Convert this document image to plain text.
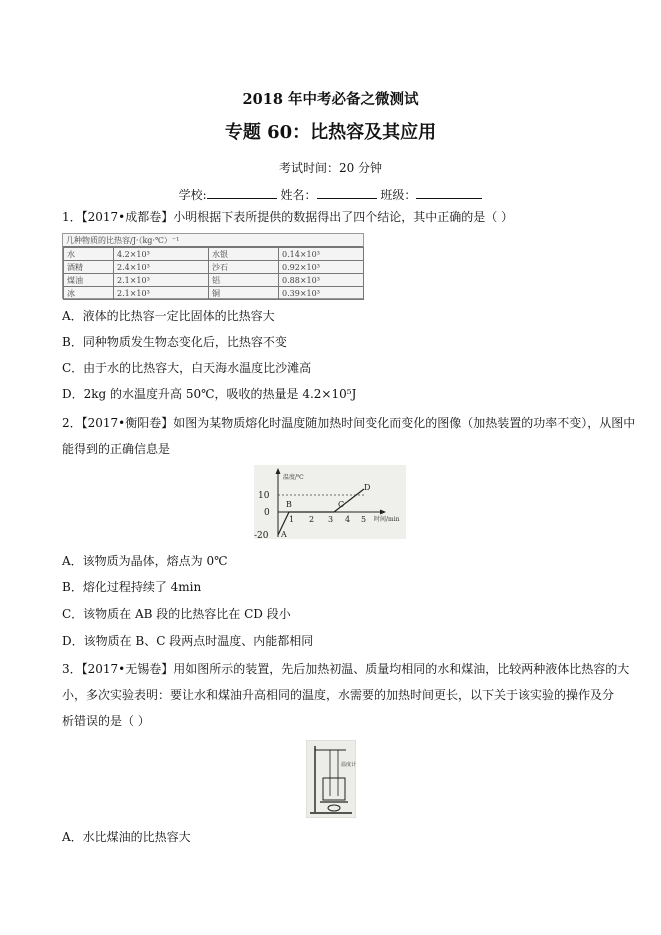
2018 年中考必备之微测试
专题 60：比热容及其应用
考试时间：20 分钟
学校:	姓名：	班级：
1．【2017•成都卷】小明根据下表所提供的数据得出了四个结论，其中正确的是（ ）
几种物质的比热容/J·（kg·℃）⁻¹
水	4.2×10³	水银	0.14×10³
酒精	2.4×10³	沙石	0.92×10³
煤油	2.1×10³	铝	0.88×10³
冰	2.1×10³	铜	0.39×10³
A．液体的比热容一定比固体的比热容大
B．同种物质发生物态变化后，比热容不变
C．由于水的比热容大，白天海水温度比沙滩高
D．2kg 的水温度升高 50℃，吸收的热量是 4.2×10⁵J
2．【2017•衡阳卷】如图为某物质熔化时温度随加热时间变化而变化的图像（加热装置的功率不变），从图中
能得到的正确信息是
温度/℃
时间/min
10
0
-20
1 2 3 4 5
A
B	C
D
A．该物质为晶体，熔点为 0℃
B．熔化过程持续了 4min
C．该物质在 AB 段的比热容比在 CD 段小
D．该物质在 B、C 段两点时温度、内能都相同
3．【2017•无锡卷】用如图所示的装置，先后加热初温、质量均相同的水和煤油，比较两种液体比热容的大
小，多次实验表明：要让水和煤油升高相同的温度，水需要的加热时间更长，以下关于该实验的操作及分
析错误的是（ ）
温度计
A．水比煤油的比热容大
